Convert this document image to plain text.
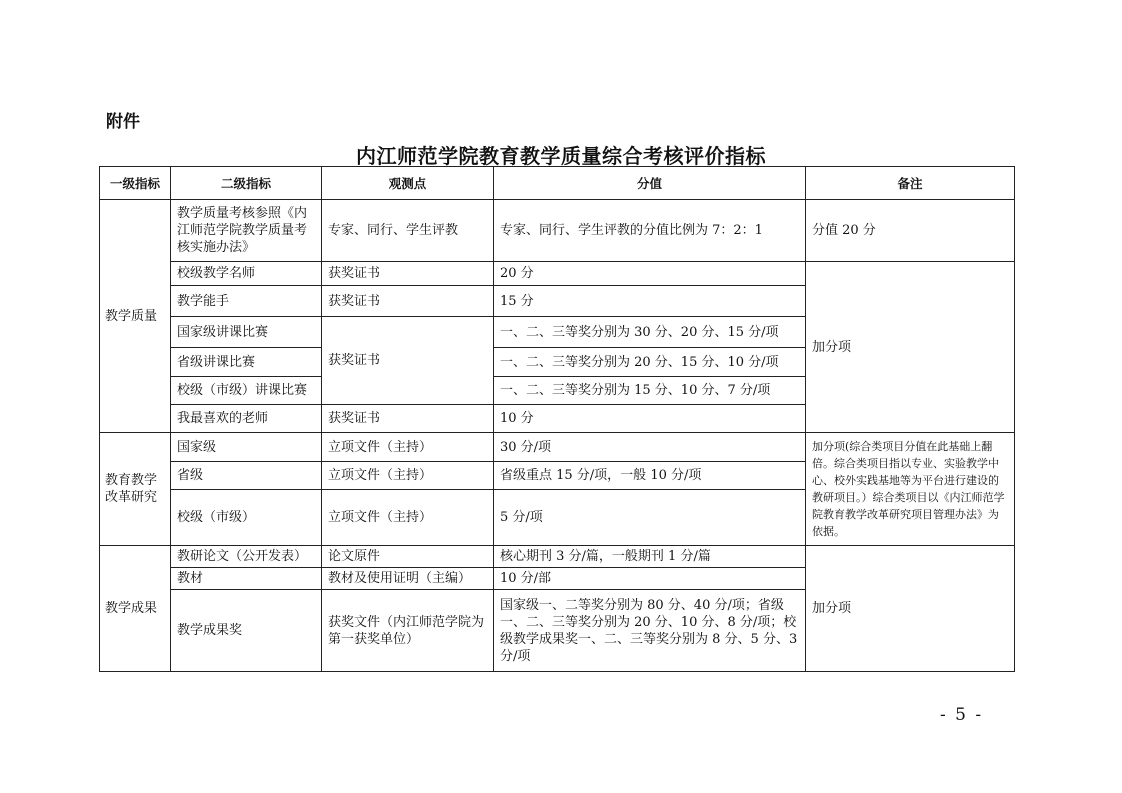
附件
内江师范学院教育教学质量综合考核评价指标
一级指标	二级指标	观测点	分值	备注
教学质量	教学质量考核参照《内江师范学院教学质量考核实施办法》	专家、同行、学生评教	专家、同行、学生评教的分值比例为 7：2：1	分值 20 分
	校级教学名师	获奖证书	20 分	加分项
	教学能手	获奖证书	15 分	
	国家级讲课比赛	获奖证书	一、二、三等奖分别为 30 分、20 分、15 分/项	
	省级讲课比赛		一、二、三等奖分别为 20 分、15 分、10 分/项	
	校级（市级）讲课比赛		一、二、三等奖分别为 15 分、10 分、7 分/项	
	我最喜欢的老师	获奖证书	10 分	
教育教学改革研究	国家级	立项文件（主持）	30 分/项	加分项(综合类项目分值在此基础上翻倍。综合类项目指以专业、实验教学中心、校外实践基地等为平台进行建设的教研项目。）综合类项目以《内江师范学院教育教学改革研究项目管理办法》为依据。
	省级	立项文件（主持）	省级重点 15 分/项，一般 10 分/项	
	校级（市级）	立项文件（主持）	5 分/项	
教学成果	教研论文（公开发表）	论文原件	核心期刊 3 分/篇，一般期刊 1 分/篇	加分项
	教材	教材及使用证明（主编）	10 分/部	
	教学成果奖	获奖文件（内江师范学院为第一获奖单位）	国家级一、二等奖分别为 80 分、40 分/项；省级一、二、三等奖分别为 20 分、10 分、8 分/项；校级教学成果奖一、二、三等奖分别为 8 分、5 分、3 分/项	
- 5 -
